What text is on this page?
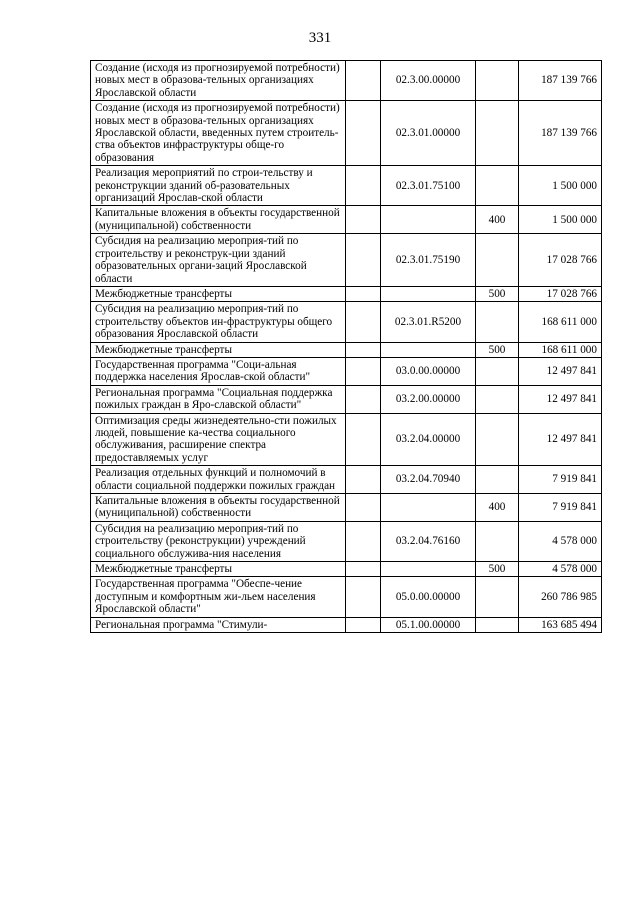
331
Создание (исходя из прогнозируемой потребности) новых мест в образова-тельных организациях Ярославской области		02.3.00.00000		187 139 766
Создание (исходя из прогнозируемой потребности) новых мест в образова-тельных организациях Ярославской области, введенных путем строитель-ства объектов инфраструктуры обще-го образования		02.3.01.00000		187 139 766
Реализация мероприятий по строи-тельству и реконструкции зданий об-разовательных организаций Ярослав-ской области		02.3.01.75100		1 500 000
Капитальные вложения в объекты государственной (муниципальной) собственности			400	1 500 000
Субсидия на реализацию мероприя-тий по строительству и реконструк-ции зданий образовательных органи-заций Ярославской области		02.3.01.75190		17 028 766
Межбюджетные трансферты			500	17 028 766
Субсидия на реализацию мероприя-тий по строительству объектов ин-фраструктуры общего образования Ярославской области		02.3.01.R5200		168 611 000
Межбюджетные трансферты			500	168 611 000
Государственная программа "Соци-альная поддержка населения Ярослав-ской области"		03.0.00.00000		12 497 841
Региональная программа "Социальная поддержка пожилых граждан в Яро-славской области"		03.2.00.00000		12 497 841
Оптимизация среды жизнедеятельно-сти пожилых людей, повышение ка-чества социального обслуживания, расширение спектра предоставляемых услуг		03.2.04.00000		12 497 841
Реализация отдельных функций и полномочий в области социальной поддержки пожилых граждан		03.2.04.70940		7 919 841
Капитальные вложения в объекты государственной (муниципальной) собственности			400	7 919 841
Субсидия на реализацию мероприя-тий по строительству (реконструкции) учреждений социального обслужива-ния населения		03.2.04.76160		4 578 000
Межбюджетные трансферты			500	4 578 000
Государственная программа "Обеспе-чение доступным и комфортным жи-льем населения Ярославской области"		05.0.00.00000		260 786 985
Региональная программа "Стимули-		05.1.00.00000		163 685 494
